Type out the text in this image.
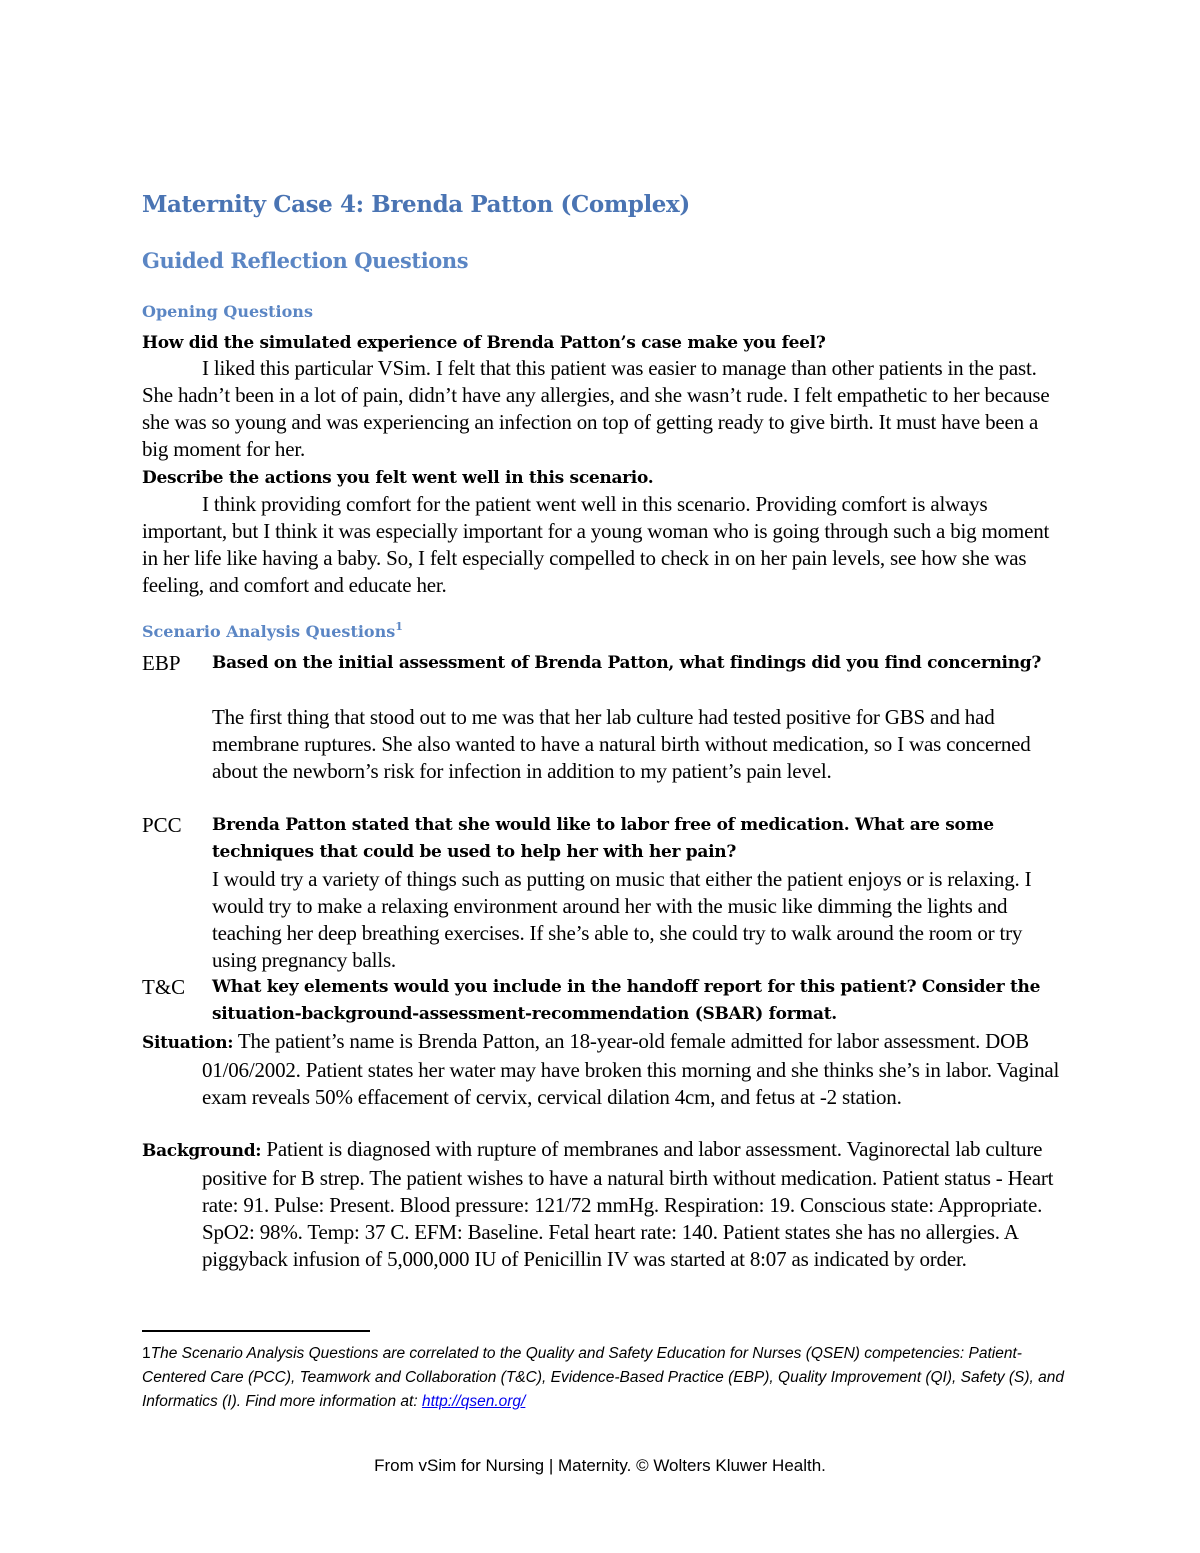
Maternity Case 4: Brenda Patton (Complex)
Guided Reflection Questions
Opening Questions
How did the simulated experience of Brenda Patton’s case make you feel?

I liked this particular VSim. I felt that this patient was easier to manage than other patients in the past. She hadn’t been in a lot of pain, didn’t have any allergies, and she wasn’t rude. I felt empathetic to her because she was so young and was experiencing an infection on top of getting ready to give birth. It must have been a big moment for her.

Describe the actions you felt went well in this scenario.

I think providing comfort for the patient went well in this scenario. Providing comfort is always important, but I think it was especially important for a young woman who is going through such a big moment in her life like having a baby. So, I felt especially compelled to check in on her pain levels, see how she was feeling, and comfort and educate her.

Scenario Analysis Questions$^1$
EBP Based on the initial assessment of Brenda Patton, what findings did you find concerning?
The first thing that stood out to me was that her lab culture had tested positive for GBS and had membrane ruptures. She also wanted to have a natural birth without medication, so I was concerned about the newborn’s risk for infection in addition to my patient’s pain level.
PCC Brenda Patton stated that she would like to labor free of medication. What are some techniques that could be used to help her with her pain?
I would try a variety of things such as putting on music that either the patient enjoys or is relaxing. I would try to make a relaxing environment around her with the music like dimming the lights and teaching her deep breathing exercises. If she’s able to, she could try to walk around the room or try using pregnancy balls.
T&C What key elements would you include in the handoff report for this patient? Consider the situation-background-assessment-recommendation (SBAR) format.
Situation: The patient’s name is Brenda Patton, an 18-year-old female admitted for labor assessment. DOB 01/06/2002. Patient states her water may have broken this morning and she thinks she’s in labor. Vaginal exam reveals 50% effacement of cervix, cervical dilation 4cm, and fetus at -2 station.
Background: Patient is diagnosed with rupture of membranes and labor assessment. Vaginorectal lab culture positive for B strep. The patient wishes to have a natural birth without medication. Patient status - Heart rate: 91. Pulse: Present. Blood pressure: 121/72 mmHg. Respiration: 19. Conscious state: Appropriate. SpO2: 98%. Temp: 37 C. EFM: Baseline. Fetal heart rate: 140. Patient states she has no allergies. A piggyback infusion of 5,000,000 IU of Penicillin IV was started at 8:07 as indicated by order.
1The Scenario Analysis Questions are correlated to the Quality and Safety Education for Nurses (QSEN) competencies: Patient-Centered Care (PCC), Teamwork and Collaboration (T&C), Evidence-Based Practice (EBP), Quality Improvement (QI), Safety (S), and Informatics (I). Find more information at: http://qsen.org/
From vSim for Nursing | Maternity. © Wolters Kluwer Health.
